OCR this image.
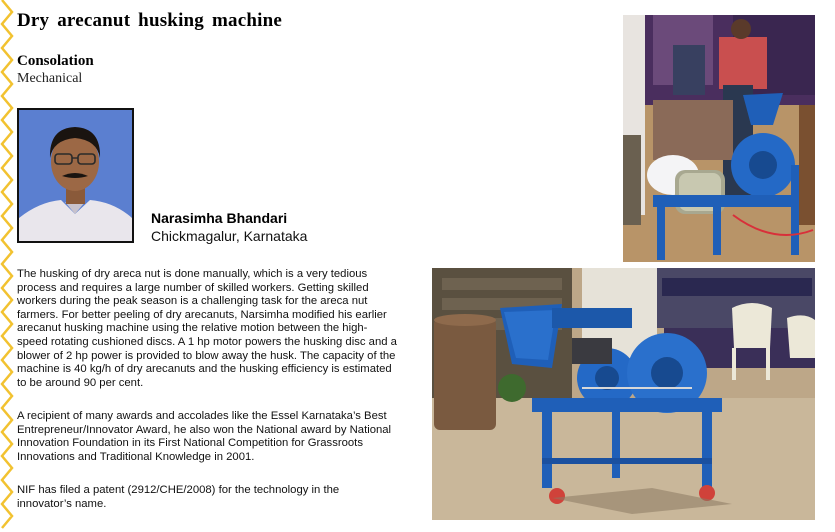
Dry arecanut husking machine
Consolation
Mechanical
Narasimha Bhandari
Chickmagalur, Karnataka

The husking of dry areca nut is done manually, which is a very tedious process and requires a large number of skilled workers. Getting skilled workers during the peak season is a challenging task for the areca nut farmers. For better peeling of dry arecanuts, Narsimha modified his earlier arecanut husking machine using the relative motion between the high-speed rotating cushioned discs. A 1 hp motor powers the husking disc and a blower of 2 hp power is provided to blow away the husk. The capacity of the machine is 40 kg/h of dry arecanuts and the husking efficiency is estimated to be around 90 per cent.

A recipient of many awards and accolades like the Essel Karnataka’s Best Entrepreneur/Innovator Award, he also won the National award by National Innovation Foundation in its First National Competition for Grassroots Innovations and Traditional Knowledge in 2001.

NIF has filed a patent (2912/CHE/2008) for the technology in the innovator’s name.
